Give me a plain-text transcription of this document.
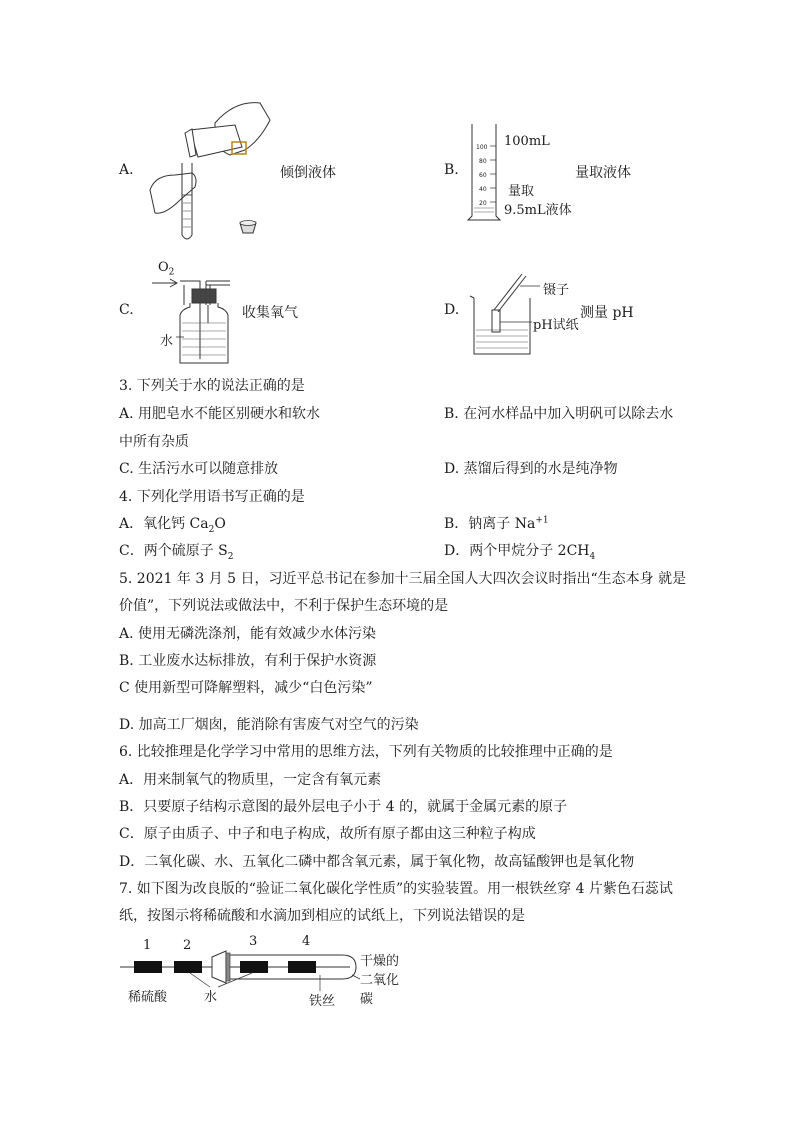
A.	倾倒液体	B.
100
80
60
40
20
100mL
量取
9.5mL液体
量取液体
C.
$O_2$
水
收集氧气	D.
镊子
pH试纸
测量 pH
3. 下列关于水的说法正确的是
A. 用肥皂水不能区别硬水和软水	B. 在河水样品中加入明矾可以除去水
中所有杂质
C. 生活污水可以随意排放	D. 蒸馏后得到的水是纯净物
4. 下列化学用语书写正确的是
A．氧化钙 $Ca_2O$	B．钠离子 $Na^{+1}$
C．两个硫原子 $S_2$	D．两个甲烷分子 $2CH_4$
5. 2021 年 3 月 5 日，习近平总书记在参加十三届全国人大四次会议时指出“生态本身 就是
价值”，下列说法或做法中，不利于保护生态环境的是
A. 使用无磷洗涤剂，能有效减少水体污染
B. 工业废水达标排放，有利于保护水资源
C 使用新型可降解塑料，减少“白色污染”
D. 加高工厂烟囱，能消除有害废气对空气的污染
6. 比较推理是化学学习中常用的思维方法，下列有关物质的比较推理中正确的是
A．用来制氧气的物质里，一定含有氧元素
B．只要原子结构示意图的最外层电子小于 4 的，就属于金属元素的原子
C．原子由质子、中子和电子构成，故所有原子都由这三种粒子构成
D．二氧化碳、水、五氧化二磷中都含氧元素，属于氧化物，故高锰酸钾也是氧化物
7. 如下图为改良版的“验证二氧化碳化学性质”的实验装置。用一根铁丝穿 4 片紫色石蕊试
纸，按图示将稀硫酸和水滴加到相应的试纸上，下列说法错误的是
1 2	3	4
稀硫酸	水	铁丝
干燥的
二氧化
碳
